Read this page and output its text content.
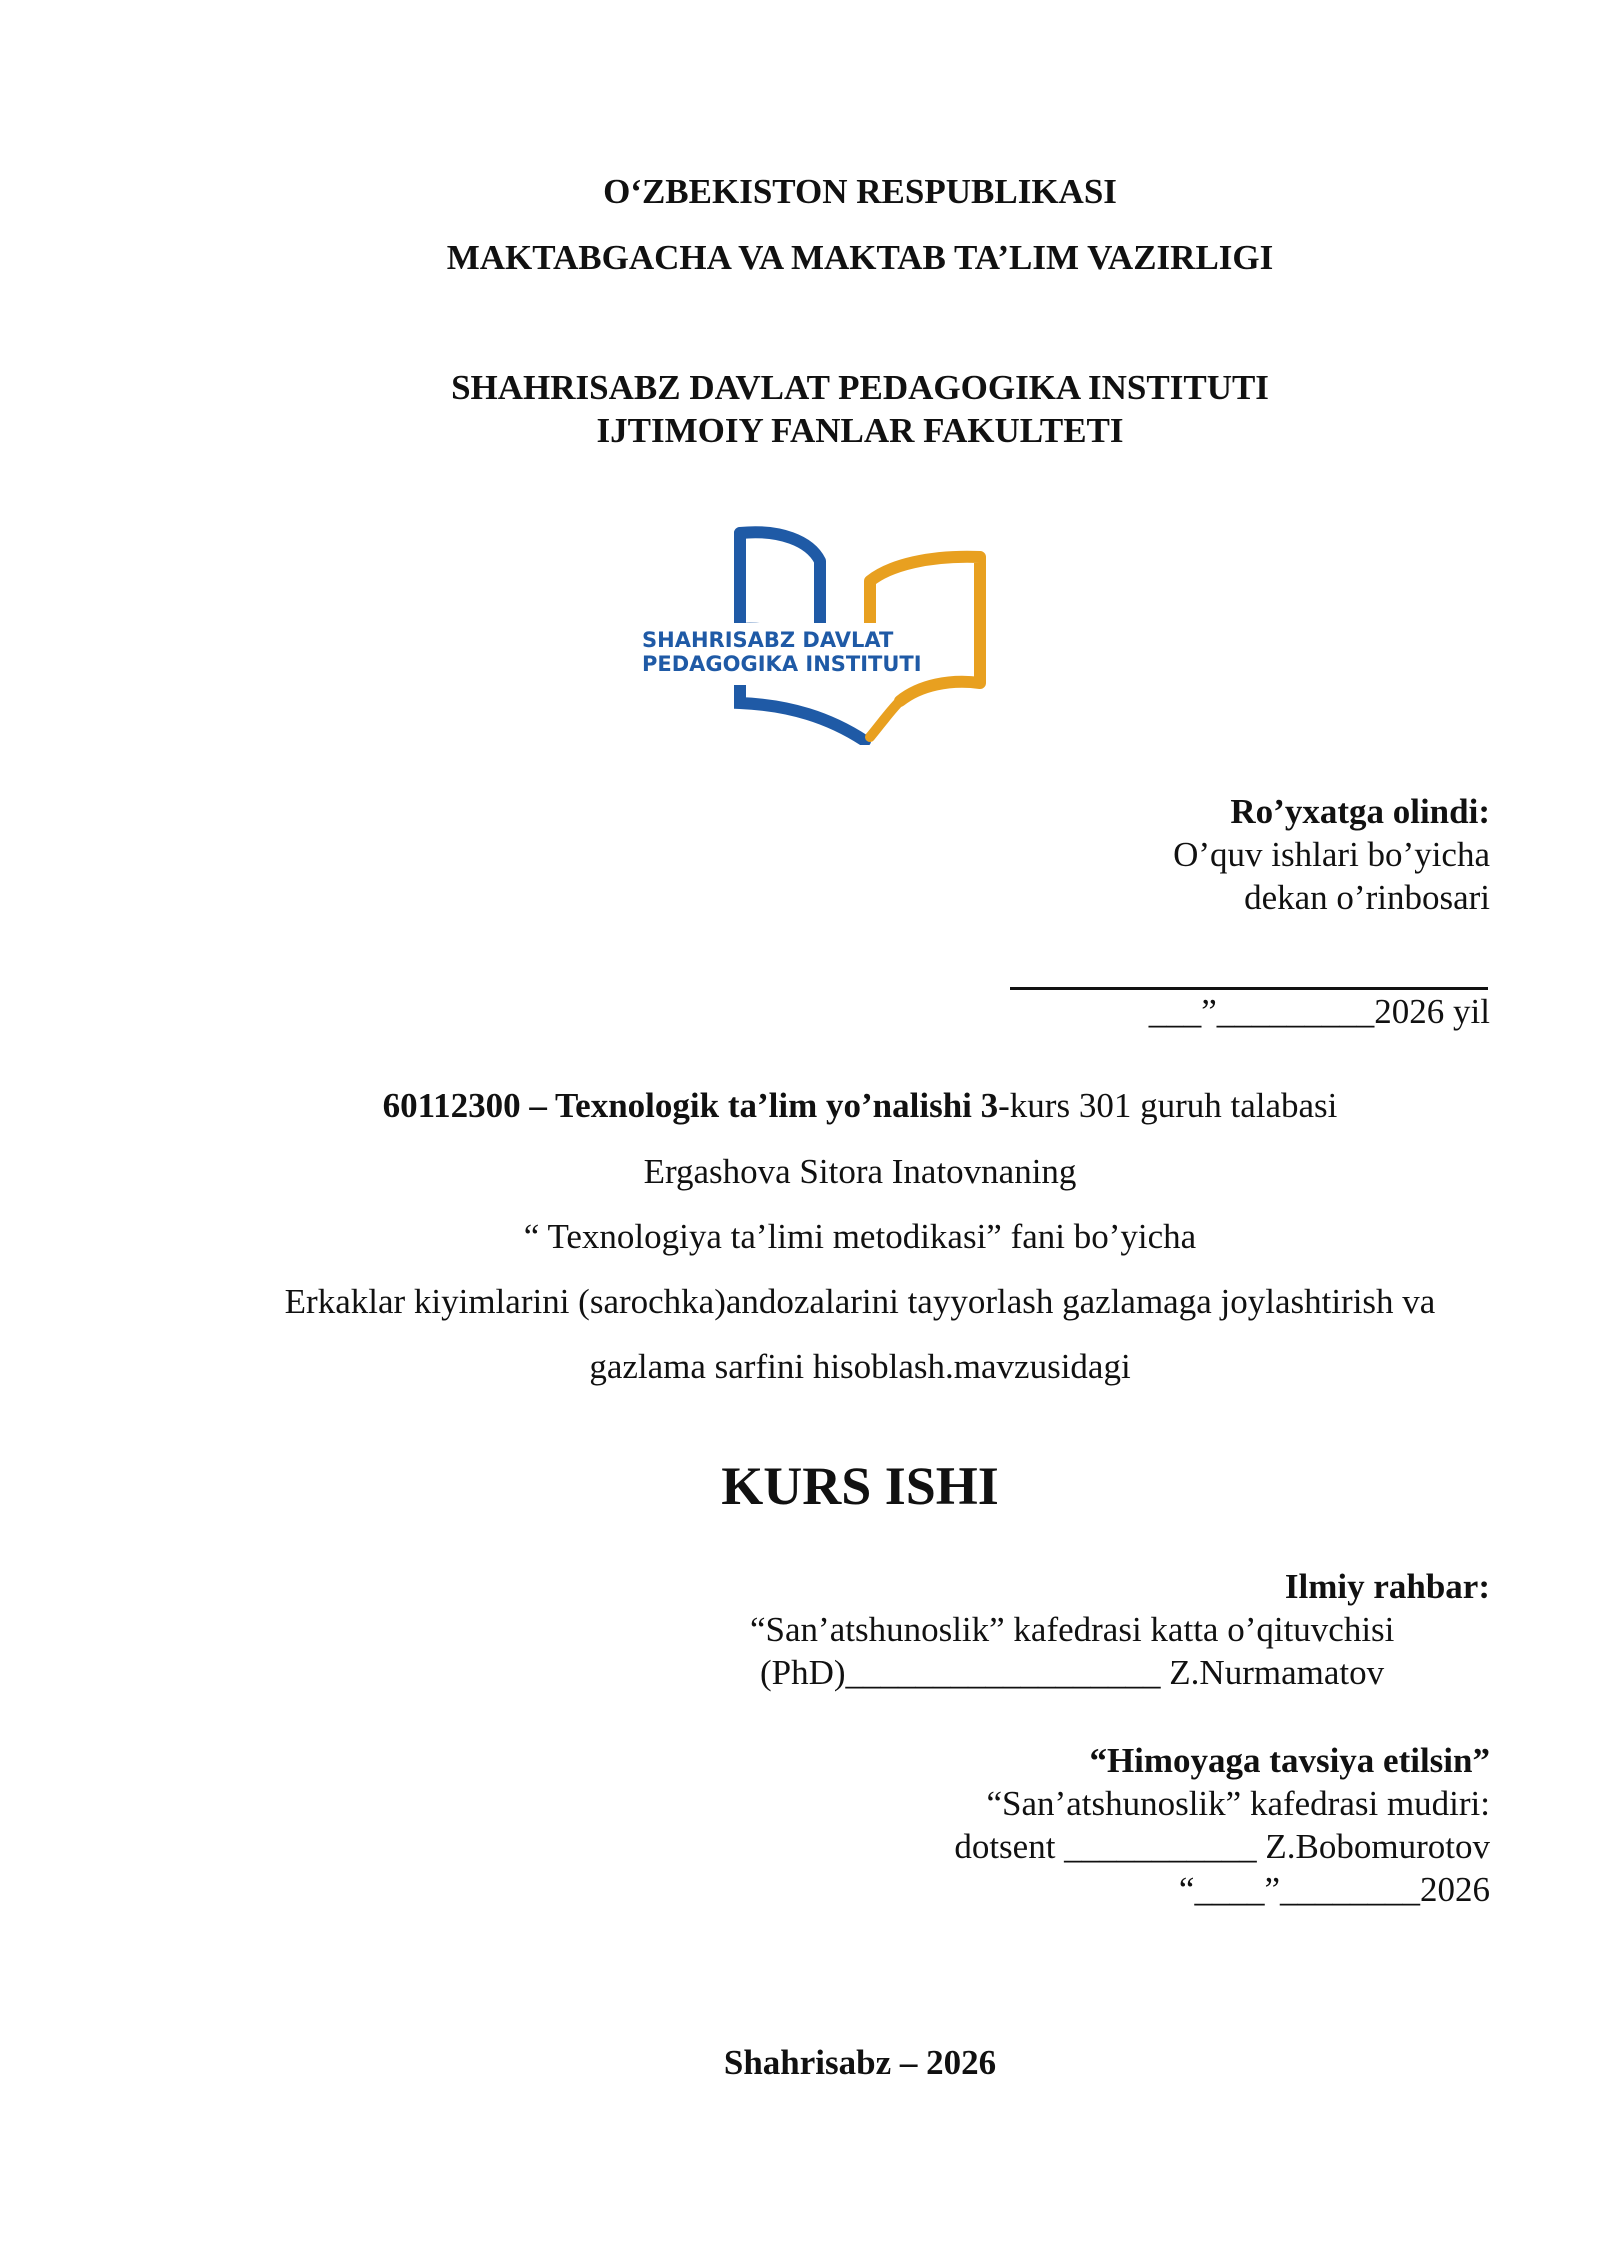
O‘ZBEKISTON RESPUBLIKASI
MAKTABGACHA VA MAKTAB TA’LIM VAZIRLIGI
SHAHRISABZ DAVLAT PEDAGOGIKA INSTITUTI
IJTIMOIY FANLAR FAKULTETI
SHAHRISABZ DAVLAT
PEDAGOGIKA INSTITUTI
Ro’yxatga olindi:
O’quv ishlari bo’yicha
dekan o’rinbosari
___”_________2026 yil
60112300 – Texnologik ta’lim yo’nalishi 3-kurs 301 guruh talabasi
Ergashova Sitora Inatovnaning
“ Texnologiya ta’limi metodikasi” fani bo’yicha
Erkaklar kiyimlarini (sarochka)andozalarini tayyorlash gazlamaga joylashtirish va
gazlama sarfini hisoblash.mavzusidagi
KURS ISHI
Ilmiy rahbar:
“San’atshunoslik” kafedrasi katta o’qituvchisi
(PhD)__________________ Z.Nurmamatov
“Himoyaga tavsiya etilsin”
“San’atshunoslik” kafedrasi mudiri:
dotsent ___________ Z.Bobomurotov
“____”________2026
Shahrisabz – 2026
